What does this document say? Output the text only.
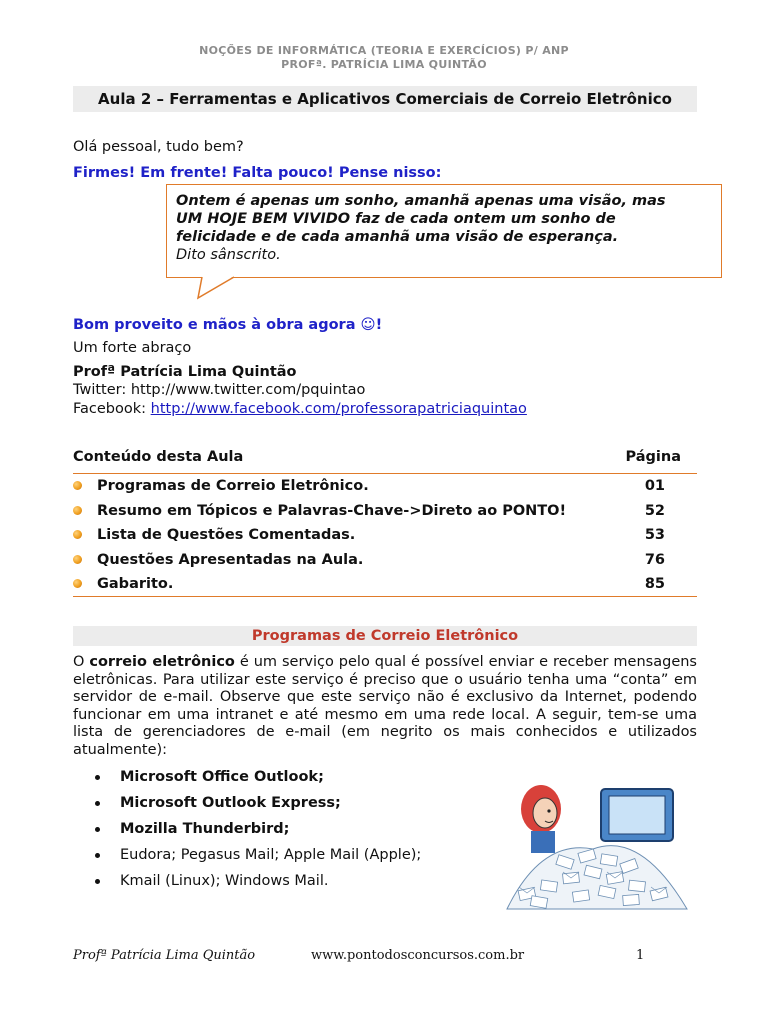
NOÇÕES DE INFORMÁTICA (TEORIA E EXERCÍCIOS) P/ ANP
PROFª. PATRÍCIA LIMA QUINTÃO
Aula 2 – Ferramentas e Aplicativos Comerciais de Correio Eletrônico
Olá pessoal, tudo bem?
Firmes! Em frente! Falta pouco! Pense nisso:
Ontem é apenas um sonho, amanhã apenas uma visão, mas
UM HOJE BEM VIVIDO faz de cada ontem um sonho de
felicidade e de cada amanhã uma visão de esperança.
Dito sânscrito.
Bom proveito e mãos à obra agora ☺!
Um forte abraço
Profª Patrícia Lima Quintão
Twitter: http://www.twitter.com/pquintao
Facebook: http://www.facebook.com/professorapatriciaquintao
Conteúdo desta Aula	Página
Programas de Correio Eletrônico.	01
Resumo em Tópicos e Palavras-Chave->Direto ao PONTO!	52
Lista de Questões Comentadas.	53
Questões Apresentadas na Aula.	76
Gabarito.	85
Programas de Correio Eletrônico

O correio eletrônico é um serviço pelo qual é possível enviar e receber mensagens eletrônicas. Para utilizar este serviço é preciso que o usuário tenha uma “conta” em servidor de e-mail. Observe que este serviço não é exclusivo da Internet, podendo funcionar em uma intranet e até mesmo em uma rede local. A seguir, tem-se uma lista de gerenciadores de e-mail (em negrito os mais conhecidos e utilizados atualmente):

Microsoft Office Outlook;
Microsoft Outlook Express;
Mozilla Thunderbird;
Eudora; Pegasus Mail; Apple Mail (Apple);
Kmail (Linux); Windows Mail.
Profª Patrícia Lima Quintão	www.pontodosconcursos.com.br	1
